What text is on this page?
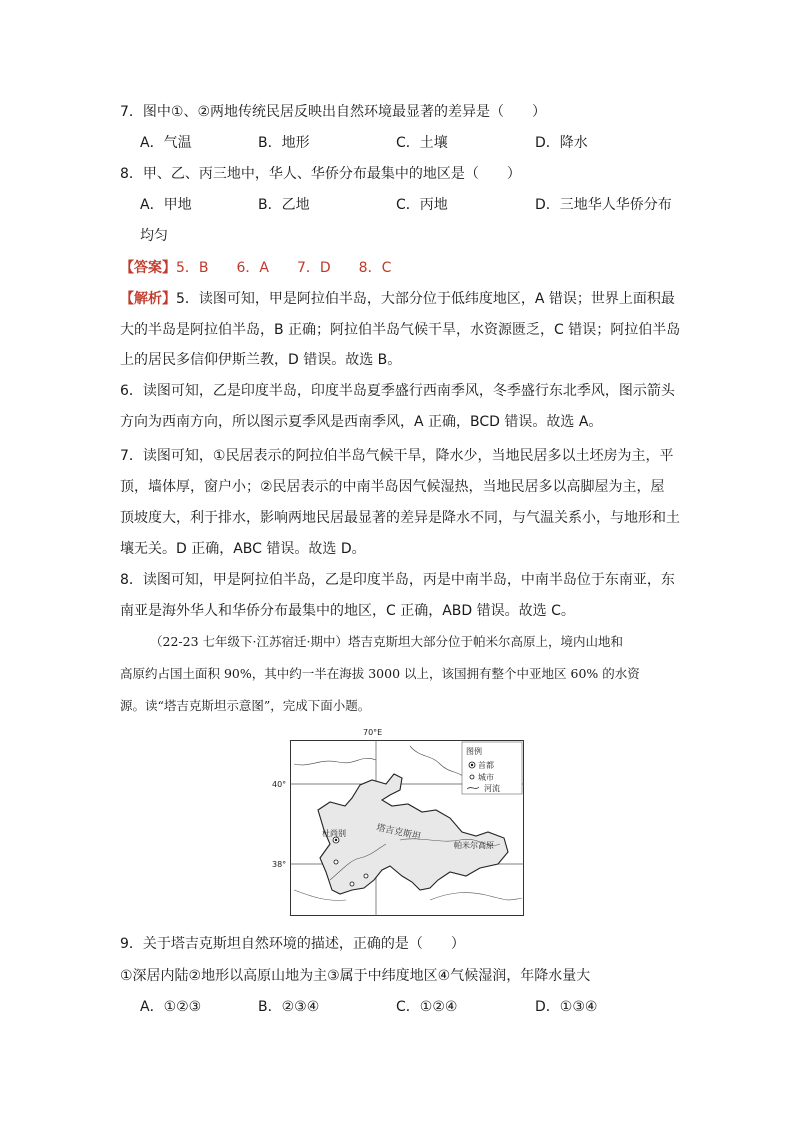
7．图中①、②两地传统民居反映出自然环境最显著的差异是（　　）
A．气温	B．地形	C．土壤	D．降水
8．甲、乙、丙三地中，华人、华侨分布最集中的地区是（　　）
A．甲地	B．乙地	C．丙地	D．三地华人华侨分布
均匀
【答案】5．B　　6．A　　7．D　　8．C
【解析】5．读图可知，甲是阿拉伯半岛，大部分位于低纬度地区，A 错误；世界上面积最
大的半岛是阿拉伯半岛，B 正确；阿拉伯半岛气候干旱，水资源匮乏，C 错误；阿拉伯半岛
上的居民多信仰伊斯兰教，D 错误。故选 B。
6．读图可知，乙是印度半岛，印度半岛夏季盛行西南季风，冬季盛行东北季风，图示箭头
方向为西南方向，所以图示夏季风是西南季风，A 正确，BCD 错误。故选 A。
7．读图可知，①民居表示的阿拉伯半岛气候干旱，降水少，当地民居多以土坯房为主，平
顶，墙体厚，窗户小；②民居表示的中南半岛因气候湿热，当地民居多以高脚屋为主，屋
顶坡度大，利于排水，影响两地民居最显著的差异是降水不同，与气温关系小，与地形和土
壤无关。D 正确，ABC 错误。故选 D。
8．读图可知，甲是阿拉伯半岛，乙是印度半岛，丙是中南半岛，中南半岛位于东南亚，东
南亚是海外华人和华侨分布最集中的地区，C 正确，ABD 错误。故选 C。
（22-23 七年级下·江苏宿迁·期中）塔吉克斯坦大部分位于帕米尔高原上，境内山地和
高原约占国土面积 90%，其中约一半在海拔 3000 以上，该国拥有整个中亚地区 60% 的水资
源。读“塔吉克斯坦示意图”，完成下面小题。
图例
首都
城市
河流
40°
38°
杜尚别	塔吉克斯坦
帕米尔高原
70°E
9．关于塔吉克斯坦自然环境的描述，正确的是（　　）
①深居内陆②地形以高原山地为主③属于中纬度地区④气候湿润，年降水量大
A．①②③	B．②③④	C．①②④	D．①③④
